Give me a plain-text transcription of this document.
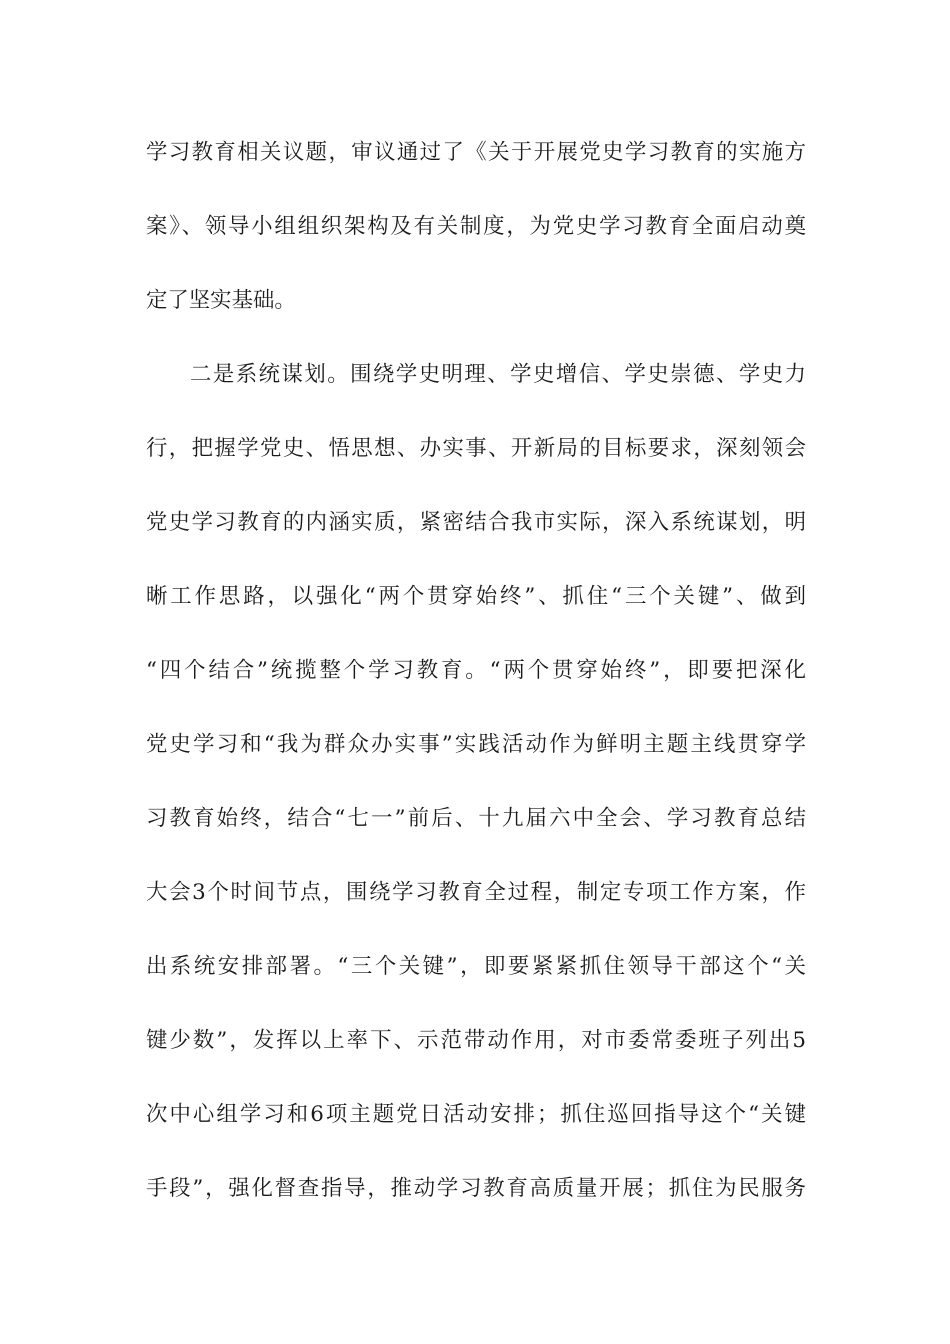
学习教育相关议题，审议通过了《关于开展党史学习教育的实施方
案》、领导小组组织架构及有关制度，为党史学习教育全面启动奠
定了坚实基础。
二是系统谋划。围绕学史明理、学史增信、学史崇德、学史力
行，把握学党史、悟思想、办实事、开新局的目标要求，深刻领会
党史学习教育的内涵实质，紧密结合我市实际，深入系统谋划，明
晰工作思路，以强化“两个贯穿始终”、抓住“三个关键”、做到
“四个结合”统揽整个学习教育。“两个贯穿始终”，即要把深化
党史学习和“我为群众办实事”实践活动作为鲜明主题主线贯穿学
习教育始终，结合“七一”前后、十九届六中全会、学习教育总结
大会3个时间节点，围绕学习教育全过程，制定专项工作方案，作
出系统安排部署。“三个关键”，即要紧紧抓住领导干部这个“关
键少数”，发挥以上率下、示范带动作用，对市委常委班子列出5
次中心组学习和6项主题党日活动安排；抓住巡回指导这个“关键
手段”，强化督查指导，推动学习教育高质量开展；抓住为民服务
